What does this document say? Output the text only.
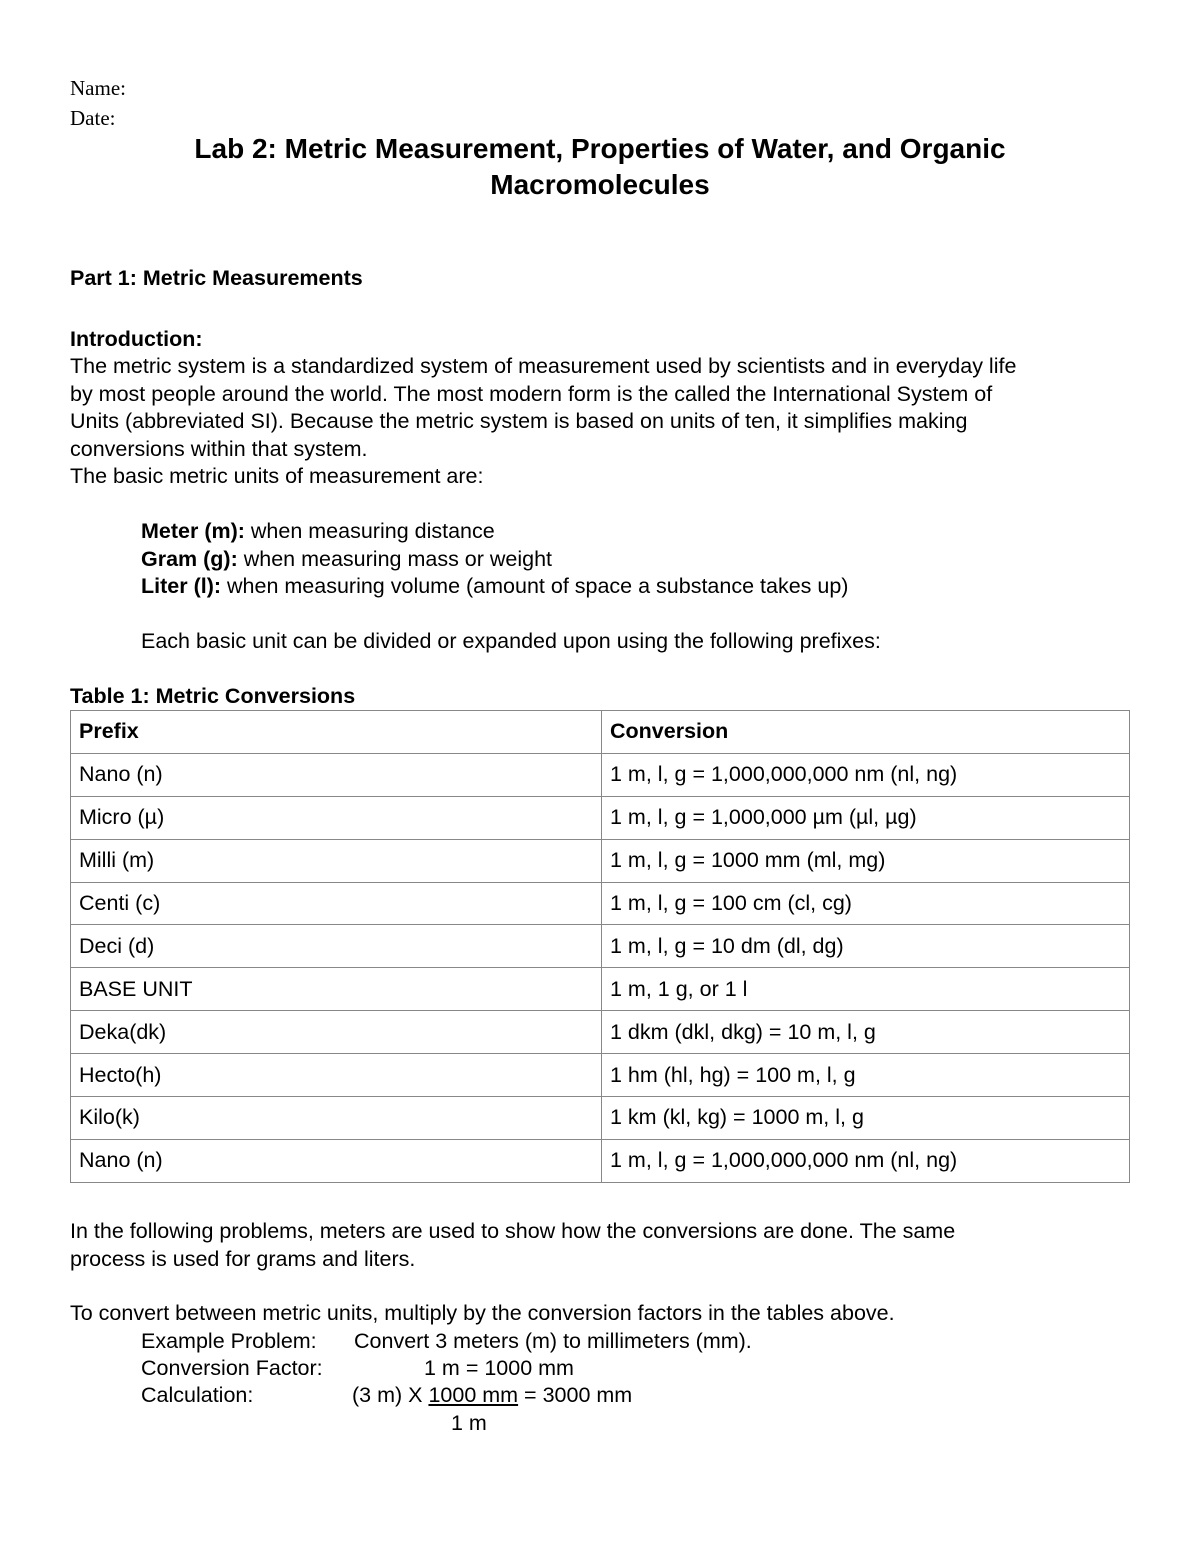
Name:
Date:
Lab 2: Metric Measurement, Properties of Water, and Organic
Macromolecules
Part 1: Metric Measurements
Introduction:
The metric system is a standardized system of measurement used by scientists and in everyday life
by most people around the world. The most modern form is the called the International System of
Units (abbreviated SI). Because the metric system is based on units of ten, it simplifies making
conversions within that system.
The basic metric units of measurement are:
Meter (m): when measuring distance
Gram (g): when measuring mass or weight
Liter (l): when measuring volume (amount of space a substance takes up)
Each basic unit can be divided or expanded upon using the following prefixes:
Table 1: Metric Conversions
Prefix	Conversion
Nano (n)	1 m, l, g = 1,000,000,000 nm (nl, ng)
Micro (µ)	1 m, l, g = 1,000,000 µm (µl, µg)
Milli (m)	1 m, l, g = 1000 mm (ml, mg)
Centi (c)	1 m, l, g = 100 cm (cl, cg)
Deci (d)	1 m, l, g = 10 dm (dl, dg)
BASE UNIT	1 m, 1 g, or 1 l
Deka(dk)	1 dkm (dkl, dkg) = 10 m, l, g
Hecto(h)	1 hm (hl, hg) = 100 m, l, g
Kilo(k)	1 km (kl, kg) = 1000 m, l, g
Nano (n)	1 m, l, g = 1,000,000,000 nm (nl, ng)
In the following problems, meters are used to show how the conversions are done. The same
process is used for grams and liters.
To convert between metric units, multiply by the conversion factors in the tables above.
Example Problem: Convert 3 meters (m) to millimeters (mm).
Conversion Factor:	1 m = 1000 mm
Calculation:	(3 m) X 1000 mm = 3000 mm
1 m
